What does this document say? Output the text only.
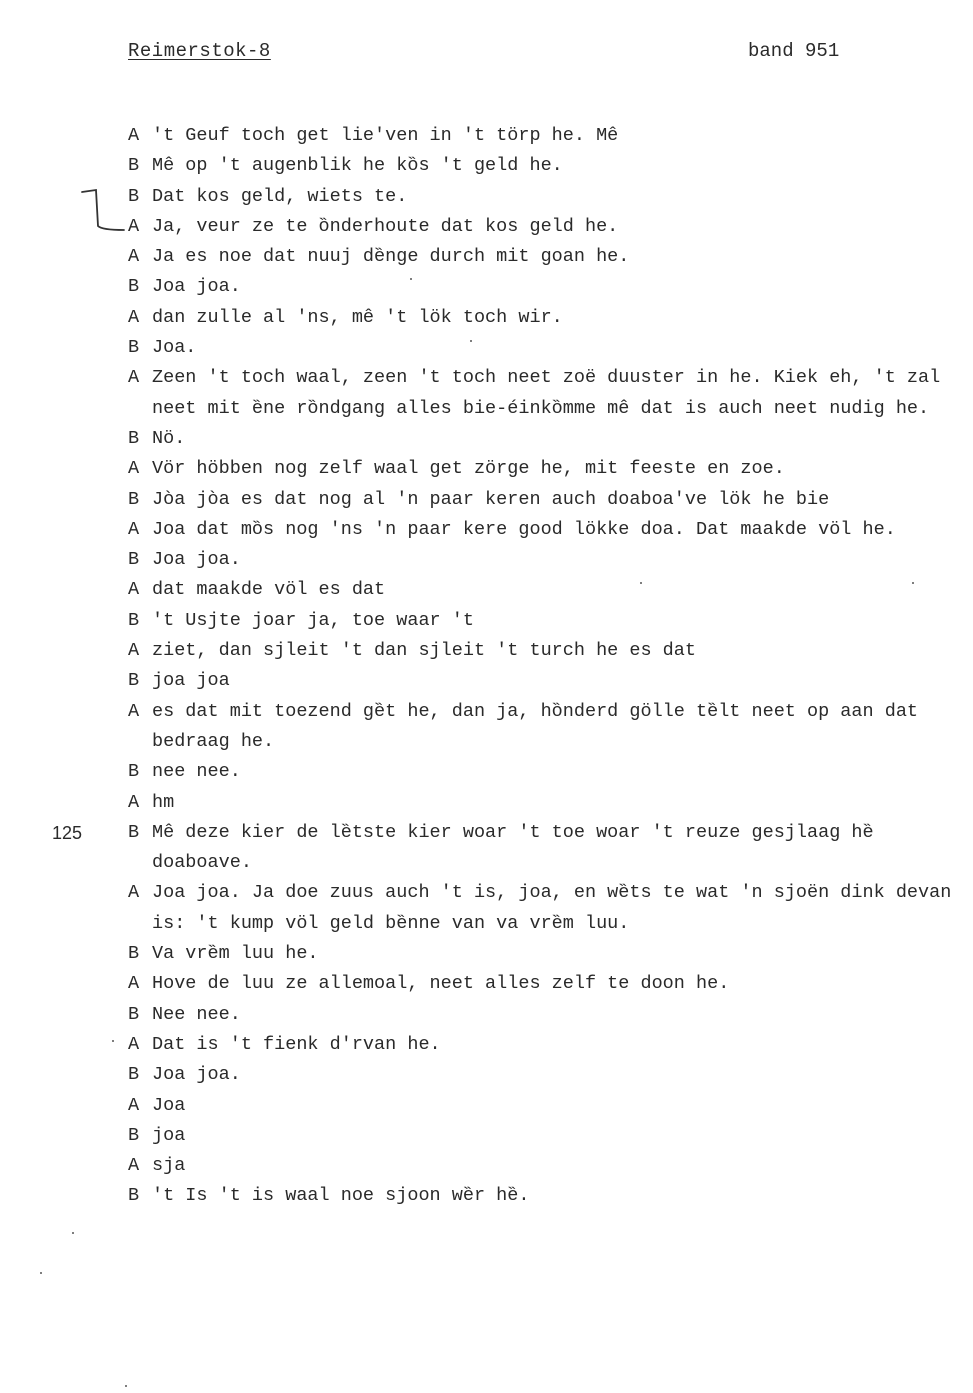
Reimerstok-8	band 951
A 't Geuf toch get lie'ven in 't törp he. Mê
B Mê op 't augenblik he kȍs 't geld he.
B Dat kos geld, wiets te.
A Ja, veur ze te ȍnderhoute dat kos geld he.
A Ja es noe dat nuuj dȅnge durch mit goan he.
B Joa joa.
A dan zulle al 'ns, mê 't lök toch wir.
B Joa.
A Zeen 't toch waal, zeen 't toch neet zoë duuster in he. Kiek eh, 't zal neet mit ȅne rȍndgang alles bie-éinkȍmme mê dat is auch neet nudig he.
B Nö.
A Vör höbben nog zelf waal get zörge he, mit feeste en zoe.
B Jòa jòa es dat nog al 'n paar keren auch doaboa've lök he bie
A Joa dat mȍs nog 'ns 'n paar kere good lökke doa. Dat maakde völ he.
B Joa joa.
A dat maakde völ es dat
B 't Usjte joar ja, toe waar 't
A ziet, dan sjleit 't dan sjleit 't turch he es dat
B joa joa
A es dat mit toezend gȅt he, dan ja, hȍnderd gölle tȅlt neet op aan dat bedraag he.
B nee nee.
A hm
125 B Mê deze kier de lȅtste kier woar 't toe woar 't reuze gesjlaag hȅ doaboave.
A Joa joa. Ja doe zuus auch 't is, joa, en wȅts te wat 'n sjoën dink devan is: 't kump völ geld bȅnne van va vrȅm luu.
B Va vrȅm luu he.
A Hove de luu ze allemoal, neet alles zelf te doon he.
B Nee nee.
A Dat is 't fienk d'rvan he.
B Joa joa.
A Joa
B joa
A sja
B 't Is 't is waal noe sjoon wȅr hȅ.
